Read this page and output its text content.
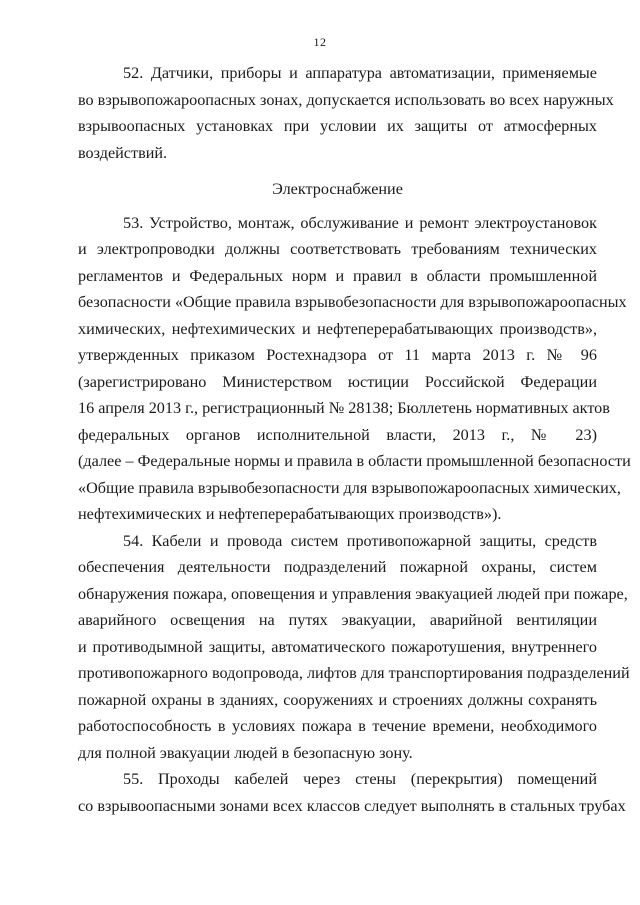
12
52. Датчики, приборы и аппаратура автоматизации, применяемые
во взрывопожароопасных зонах, допускается использовать во всех наружных
взрывоопасных установках при условии их защиты от атмосферных
воздействий.
Электроснабжение
53. Устройство, монтаж, обслуживание и ремонт электроустановок
и электропроводки должны соответствовать требованиям технических
регламентов и Федеральных норм и правил в области промышленной
безопасности «Общие правила взрывобезопасности для взрывопожароопасных
химических, нефтехимических и нефтеперерабатывающих производств»,
утвержденных приказом Ростехнадзора от 11 марта 2013 г. № 96
(зарегистрировано Министерством юстиции Российской Федерации
16 апреля 2013 г., регистрационный № 28138; Бюллетень нормативных актов
федеральных органов исполнительной власти, 2013 г., № 23)
(далее – Федеральные нормы и правила в области промышленной безопасности
«Общие правила взрывобезопасности для взрывопожароопасных химических,
нефтехимических и нефтеперерабатывающих производств»).
54. Кабели и провода систем противопожарной защиты, средств
обеспечения деятельности подразделений пожарной охраны, систем
обнаружения пожара, оповещения и управления эвакуацией людей при пожаре,
аварийного освещения на путях эвакуации, аварийной вентиляции
и противодымной защиты, автоматического пожаротушения, внутреннего
противопожарного водопровода, лифтов для транспортирования подразделений
пожарной охраны в зданиях, сооружениях и строениях должны сохранять
работоспособность в условиях пожара в течение времени, необходимого
для полной эвакуации людей в безопасную зону.
55. Проходы кабелей через стены (перекрытия) помещений
со взрывоопасными зонами всех классов следует выполнять в стальных трубах
